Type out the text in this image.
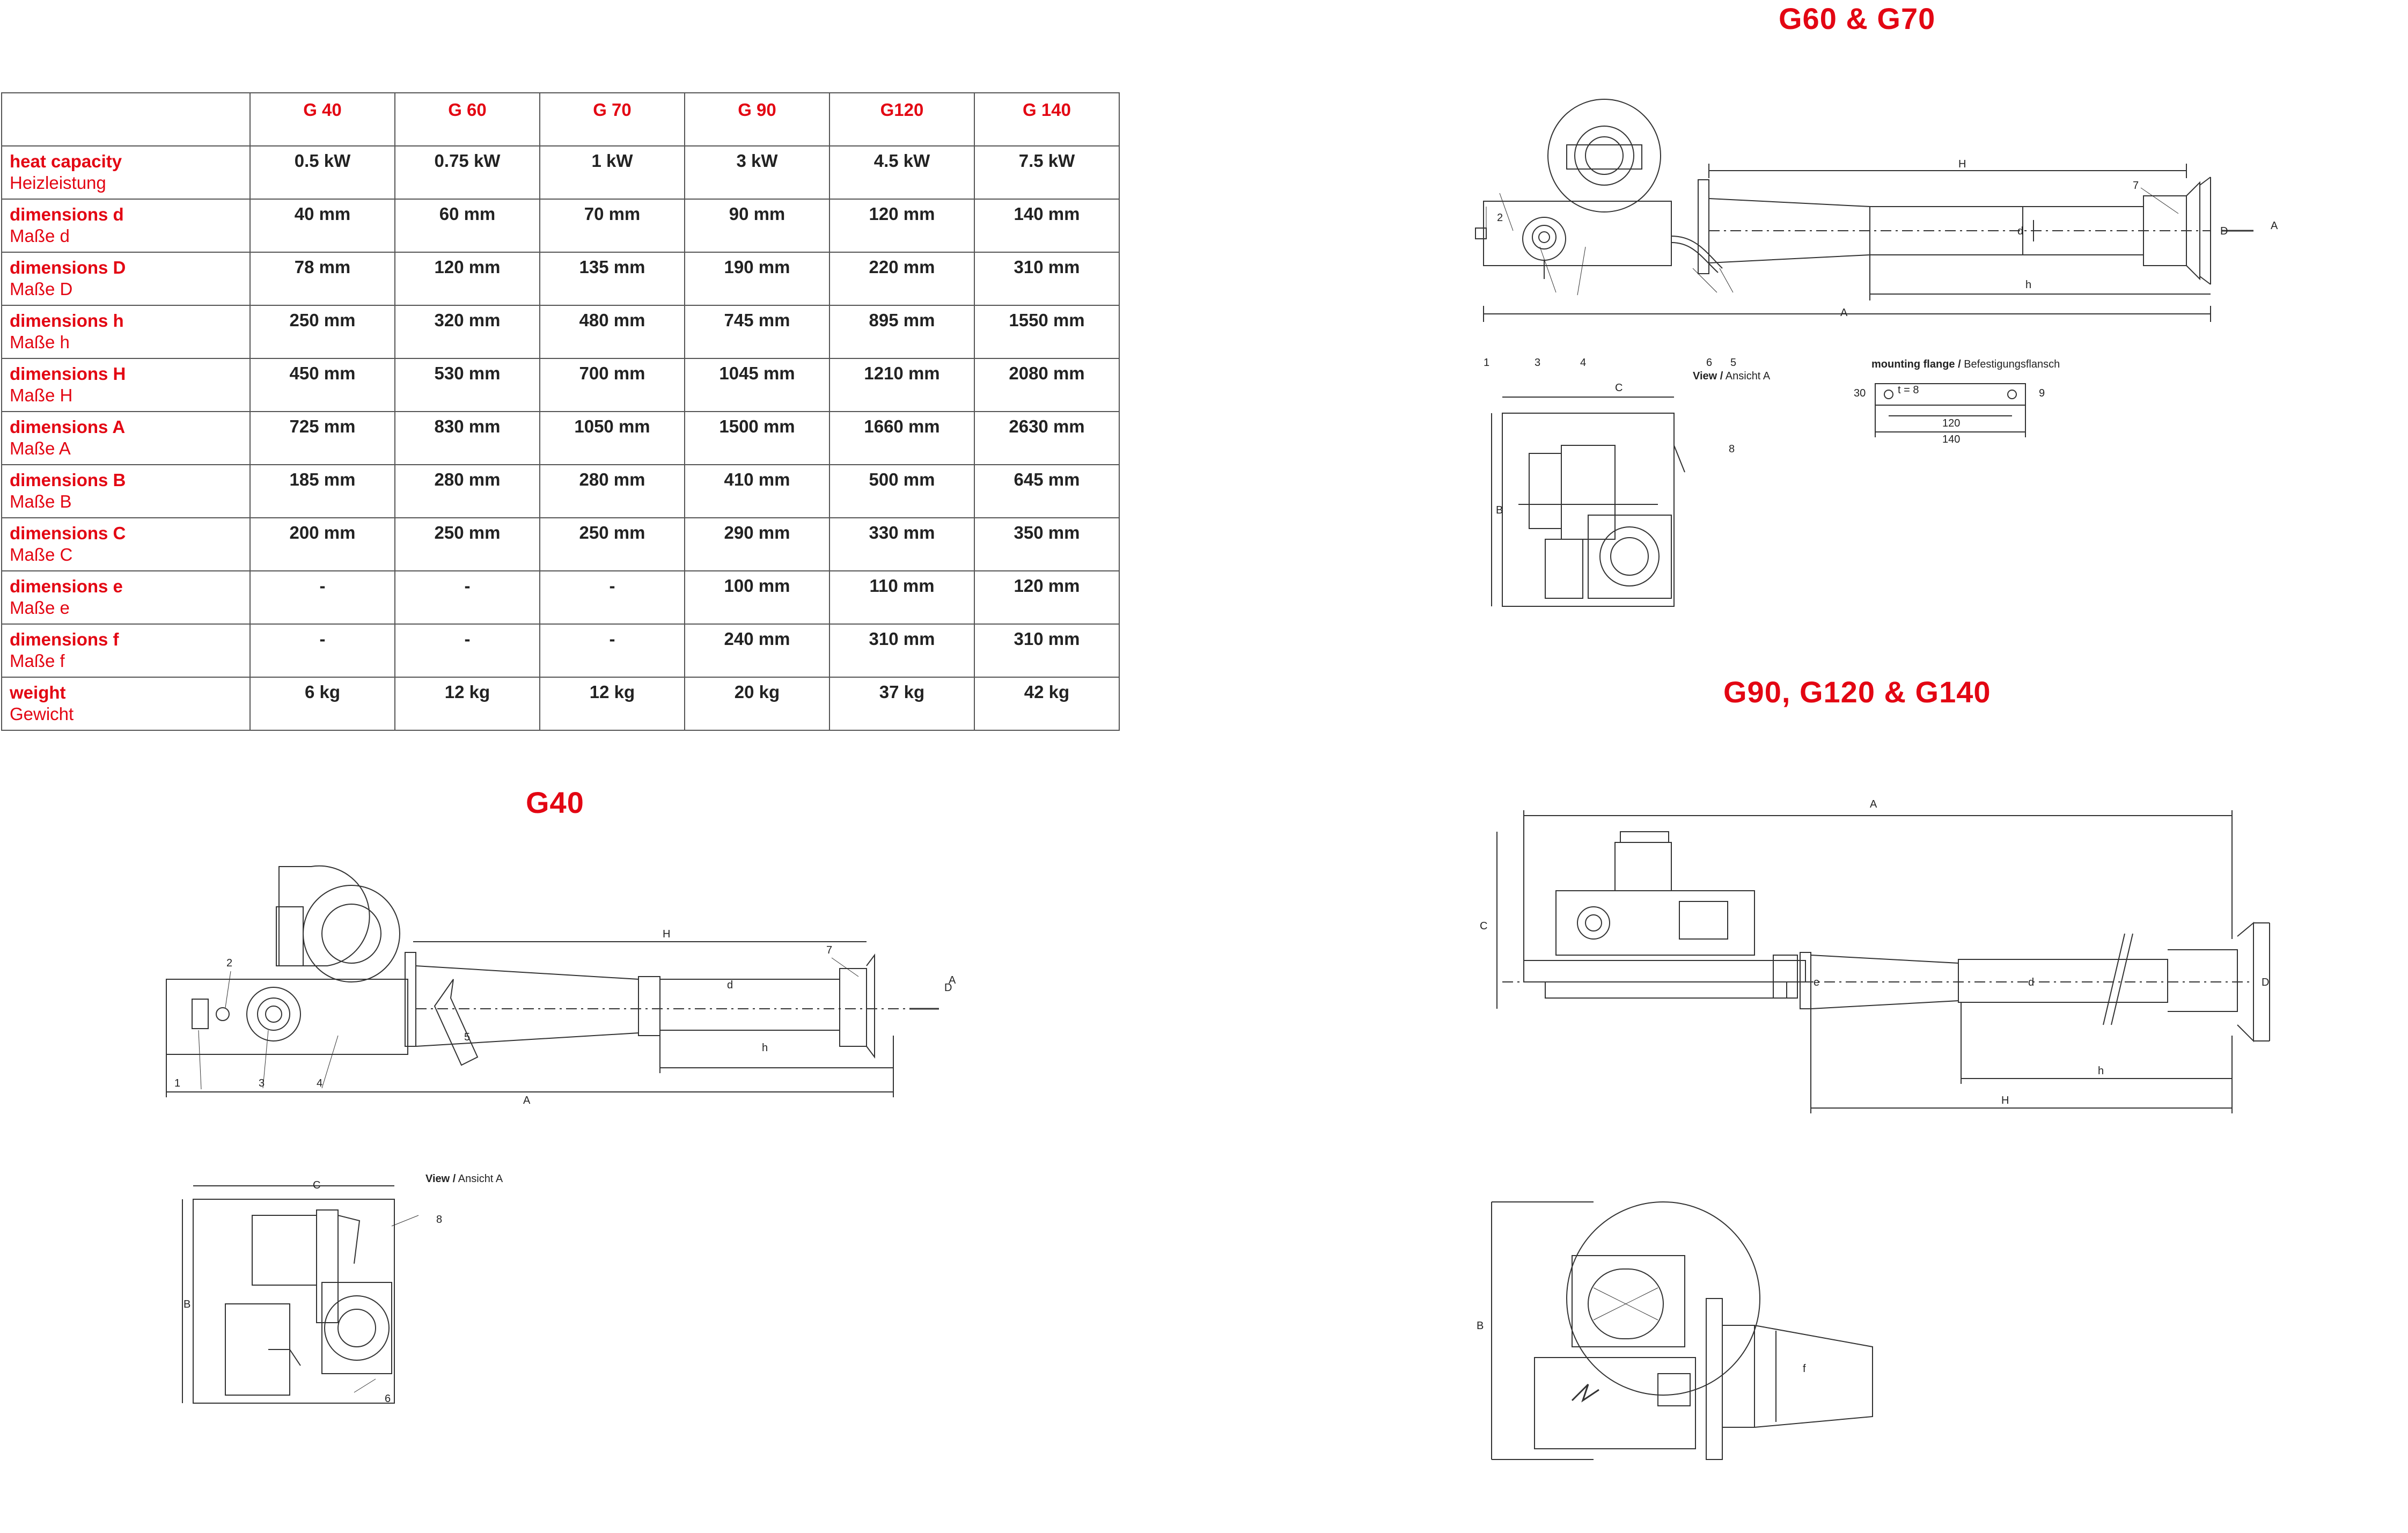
	G 40	G 60	G 70	G 90	G120	G 140

heat capacity
Heizleistung	0.5 kW	0.75 kW	1 kW	3 kW	4.5 kW	7.5 kW

dimensions d
Maße d	40 mm	60 mm	70 mm	90 mm	120 mm	140 mm

dimensions D
Maße D	78 mm	120 mm	135 mm	190 mm	220 mm	310 mm

dimensions h
Maße h	250 mm	320 mm	480 mm	745 mm	895 mm	1550 mm

dimensions H
Maße H	450 mm	530 mm	700 mm	1045 mm	1210 mm	2080 mm

dimensions A
Maße A	725 mm	830 mm	1050 mm	1500 mm	1660 mm	2630 mm

dimensions B
Maße B	185 mm	280 mm	280 mm	410 mm	500 mm	645 mm

dimensions C
Maße C	200 mm	250 mm	250 mm	290 mm	330 mm	350 mm

dimensions e
Maße e	-	-	-	100 mm	110 mm	120 mm

dimensions f
Maße f	-	-	-	240 mm	310 mm	310 mm

weight
Gewicht	6 kg	12 kg	12 kg	20 kg	37 kg	42 kg
G60 & G70
G40
G90, G120 & G140
1
2
3	4	6 5
7
H
d
h
A
D	A
C
B
8
View / Ansicht A
mounting flange / Befestigungsflansch
t = 8
30	9
120
140
1
2
3	4
5
7
H
d
h
A
D
A
C
B
8
6
View / Ansicht A
A
C
e	d	D
h
H
B
f
